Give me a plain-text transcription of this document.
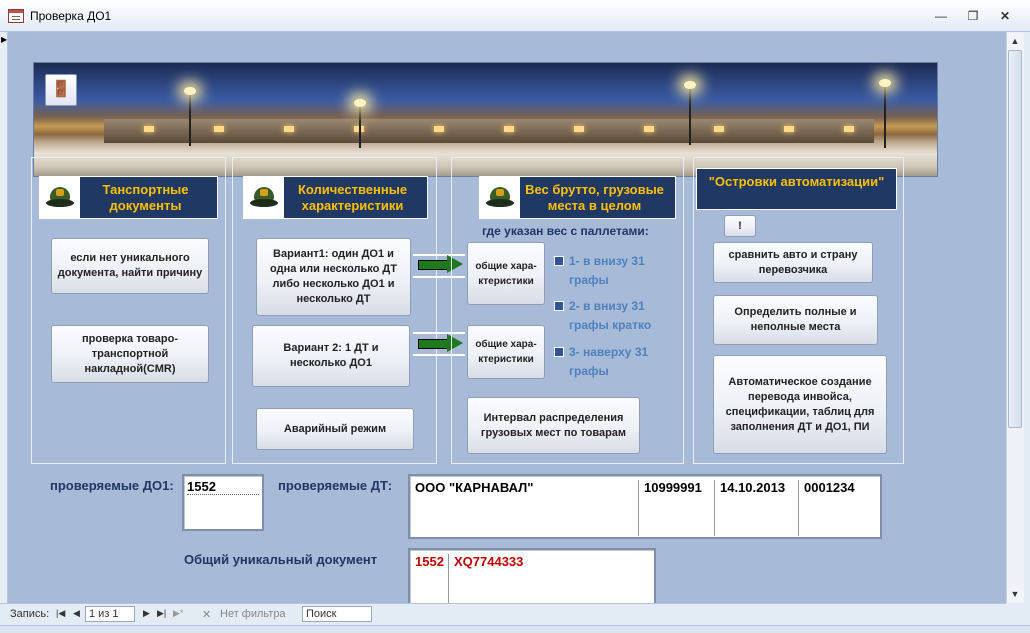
Проверка ДО1	—	❐	✕
▶
🚪
Танспортные документы
если нет уникального документа, найти причину
проверка товаро-транспортной накладной(CMR)
Количественные характеристики
Вариант1: один ДО1 и одна или несколько ДТ либо несколько ДО1 и несколько ДТ
Вариант 2: 1 ДТ и несколько ДО1
Аварийный режим
Вес брутто, грузовые места в целом
где указан вес с паллетами:
общие хара-ктеристики
общие хара-ктеристики
1- в внизу 31 графы
2- в внизу 31 графы кратко
3- наверху 31 графы
Интервал распределения грузовых мест по товарам
"Островки автоматизации"
!
сравнить авто и страну перевозчика
Определить полные и неполные места
Автоматическое создание перевода инвойса, спецификации, таблиц для заполнения ДТ и ДО1, ПИ
проверяемые ДО1: 1552	проверяемые ДТ:	ООО "КАРНАВАЛ"	10999991	14.10.2013	0001234
Общий уникальный документ	1552 XQ7744333
▲
▼
Запись: |◀ ◀ 1 из 1	▶ ▶| ▶* ✕ Нет фильтра	Поиск
